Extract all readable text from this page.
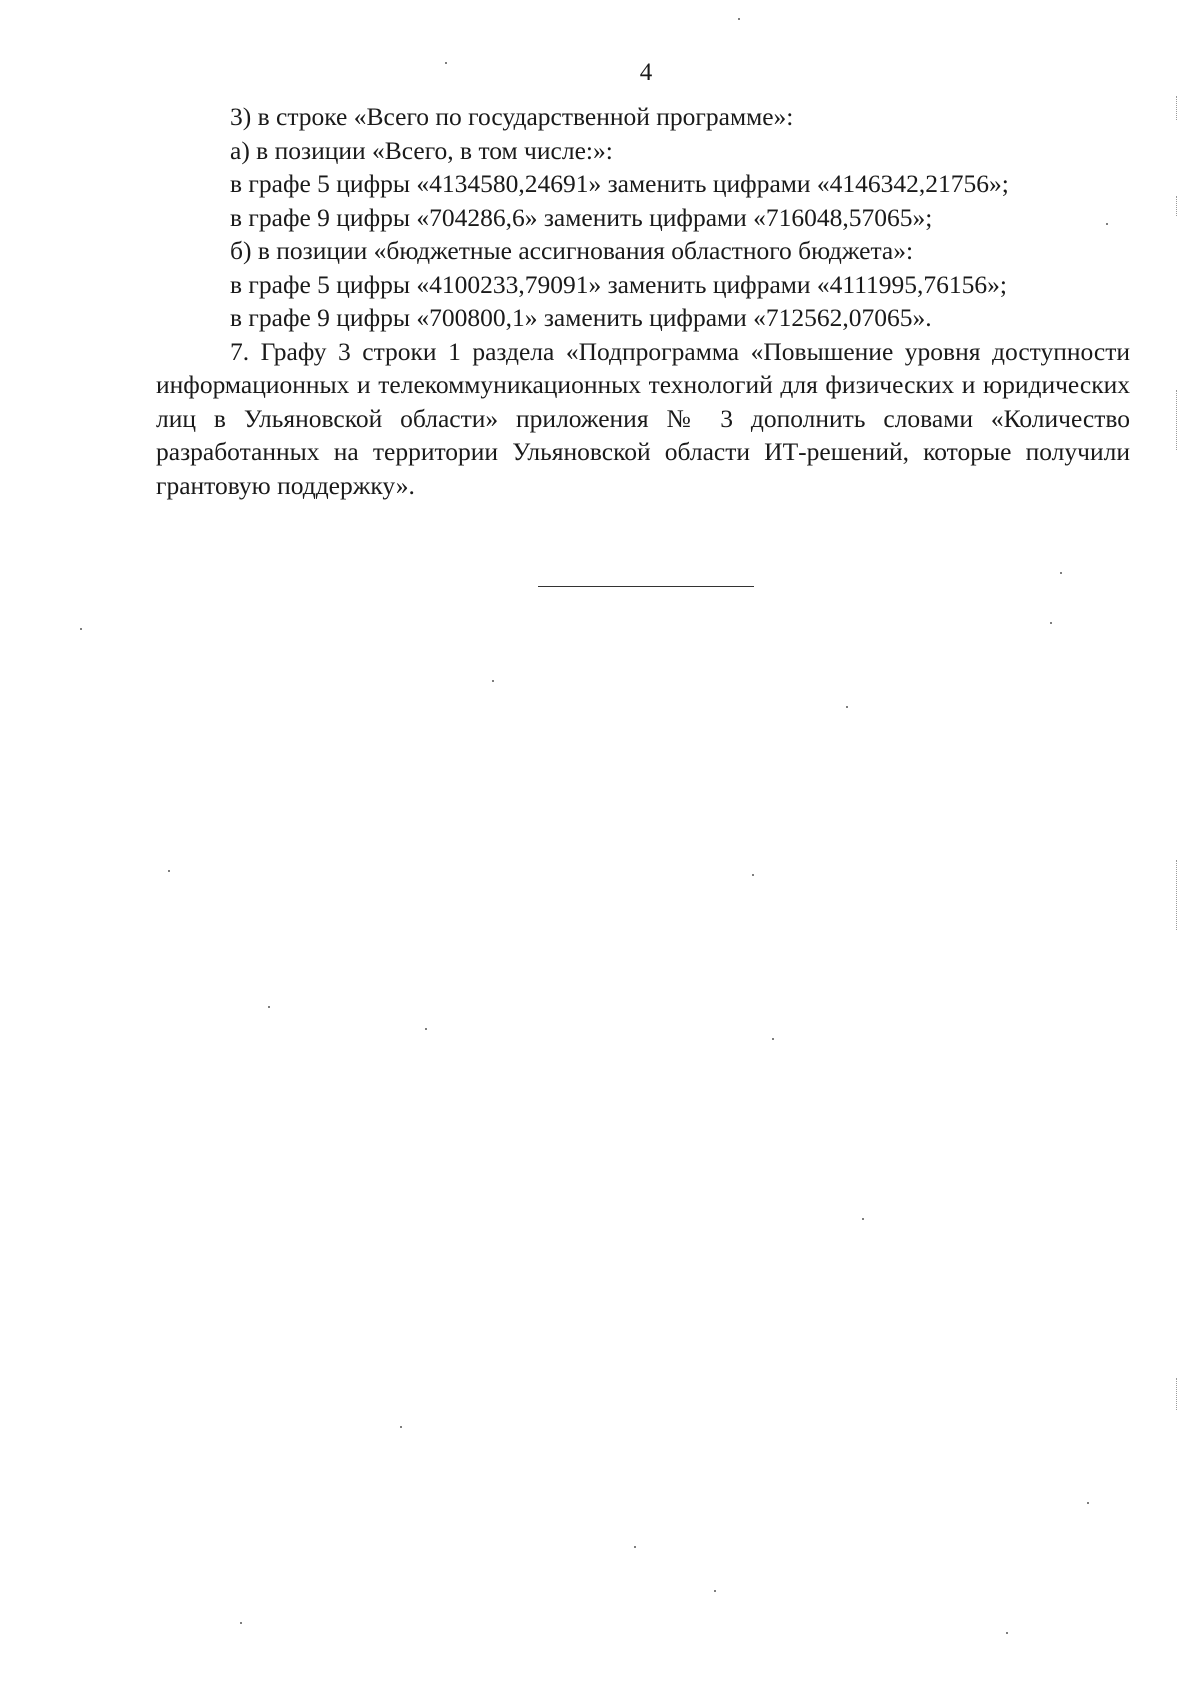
4
3) в строке «Всего по государственной программе»:
а) в позиции «Всего, в том числе:»:
в графе 5 цифры «4134580,24691» заменить цифрами «4146342,21756»;
в графе 9 цифры «704286,6» заменить цифрами «716048,57065»;
б) в позиции «бюджетные ассигнования областного бюджета»:
в графе 5 цифры «4100233,79091» заменить цифрами «4111995,76156»;
в графе 9 цифры «700800,1» заменить цифрами «712562,07065».

7. Графу 3 строки 1 раздела «Подпрограмма «Повышение уровня доступности информационных и телекоммуникационных технологий для физических и юридических лиц в Ульяновской области» приложения № 3 дополнить словами «Количество разработанных на территории Ульяновской области ИТ-решений, которые получили грантовую поддержку».
